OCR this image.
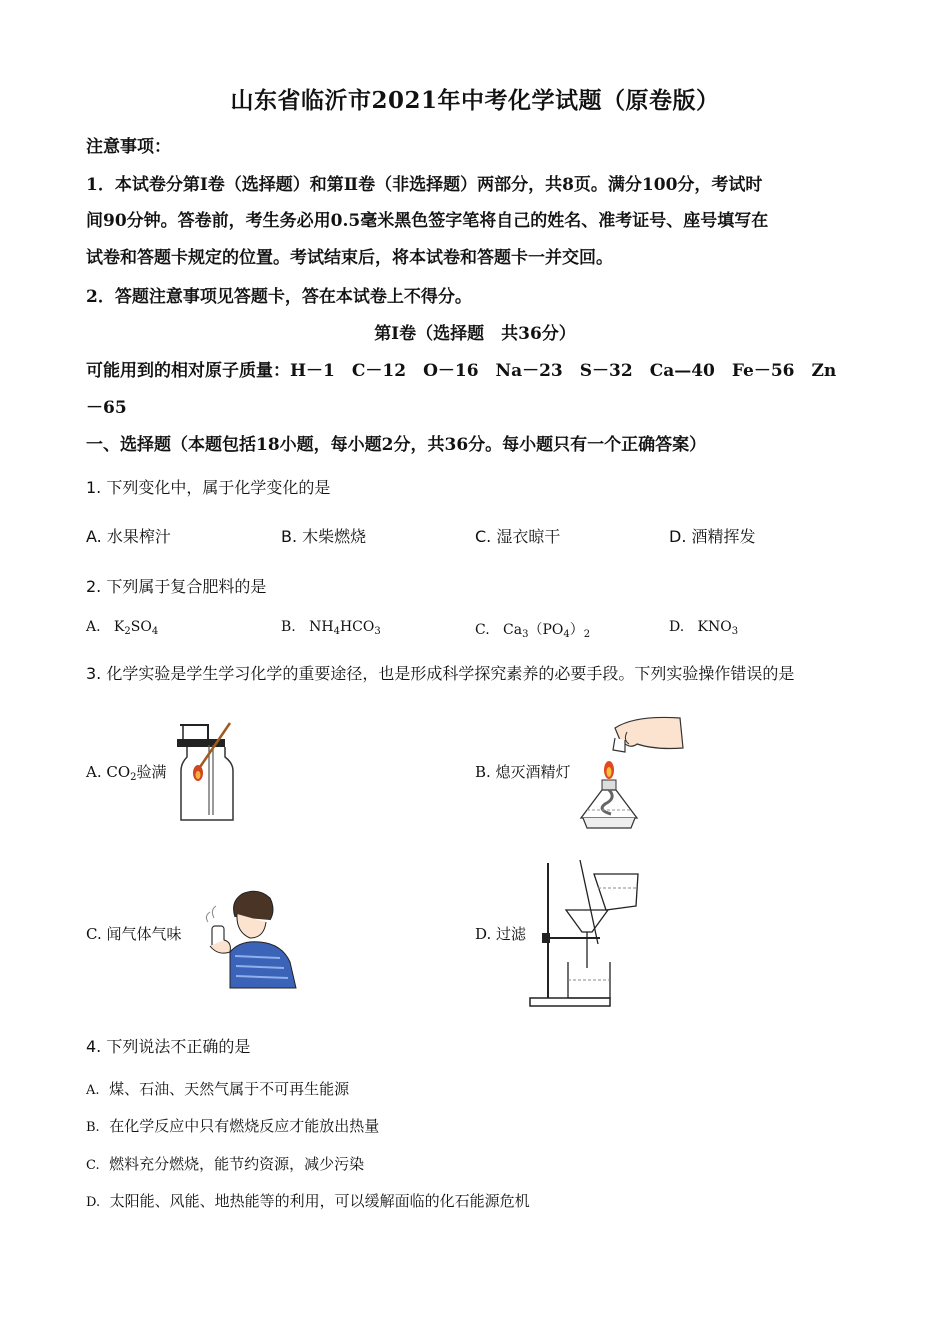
山东省临沂市2021年中考化学试题（原卷版）
注意事项：
1．本试卷分第Ⅰ卷（选择题）和第Ⅱ卷（非选择题）两部分，共8页。满分100分，考试时
间90分钟。答卷前，考生务必用0.5毫米黑色签字笔将自己的姓名、准考证号、座号填写在
试卷和答题卡规定的位置。考试结束后，将本试卷和答题卡一并交回。
2．答题注意事项见答题卡，答在本试卷上不得分。
第Ⅰ卷（选择题　共36分）
可能用到的相对原子质量：H－1　C－12　O－16　Na－23　S－32　Ca—40　Fe－56　Zn
－65
一、选择题（本题包括18小题，每小题2分，共36分。每小题只有一个正确答案）
1. 下列变化中，属于化学变化的是
A. 水果榨汁	B. 木柴燃烧	C. 湿衣晾干	D. 酒精挥发
2. 下列属于复合肥料的是
A. $K_2SO_4$	B. $NH_4HCO_3$	C. $Ca_3(PO_4)_2$	D. $KNO_3$
3. 化学实验是学生学习化学的重要途径，也是形成科学探究素养的必要手段。下列实验操作错误的是
A. $CO_2$验满	B. 熄灭酒精灯
C. 闻气体气味	D. 过滤
4. 下列说法不正确的是
A. 煤、石油、天然气属于不可再生能源
B. 在化学反应中只有燃烧反应才能放出热量
C. 燃料充分燃烧，能节约资源，减少污染
D. 太阳能、风能、地热能等的利用，可以缓解面临的化石能源危机
